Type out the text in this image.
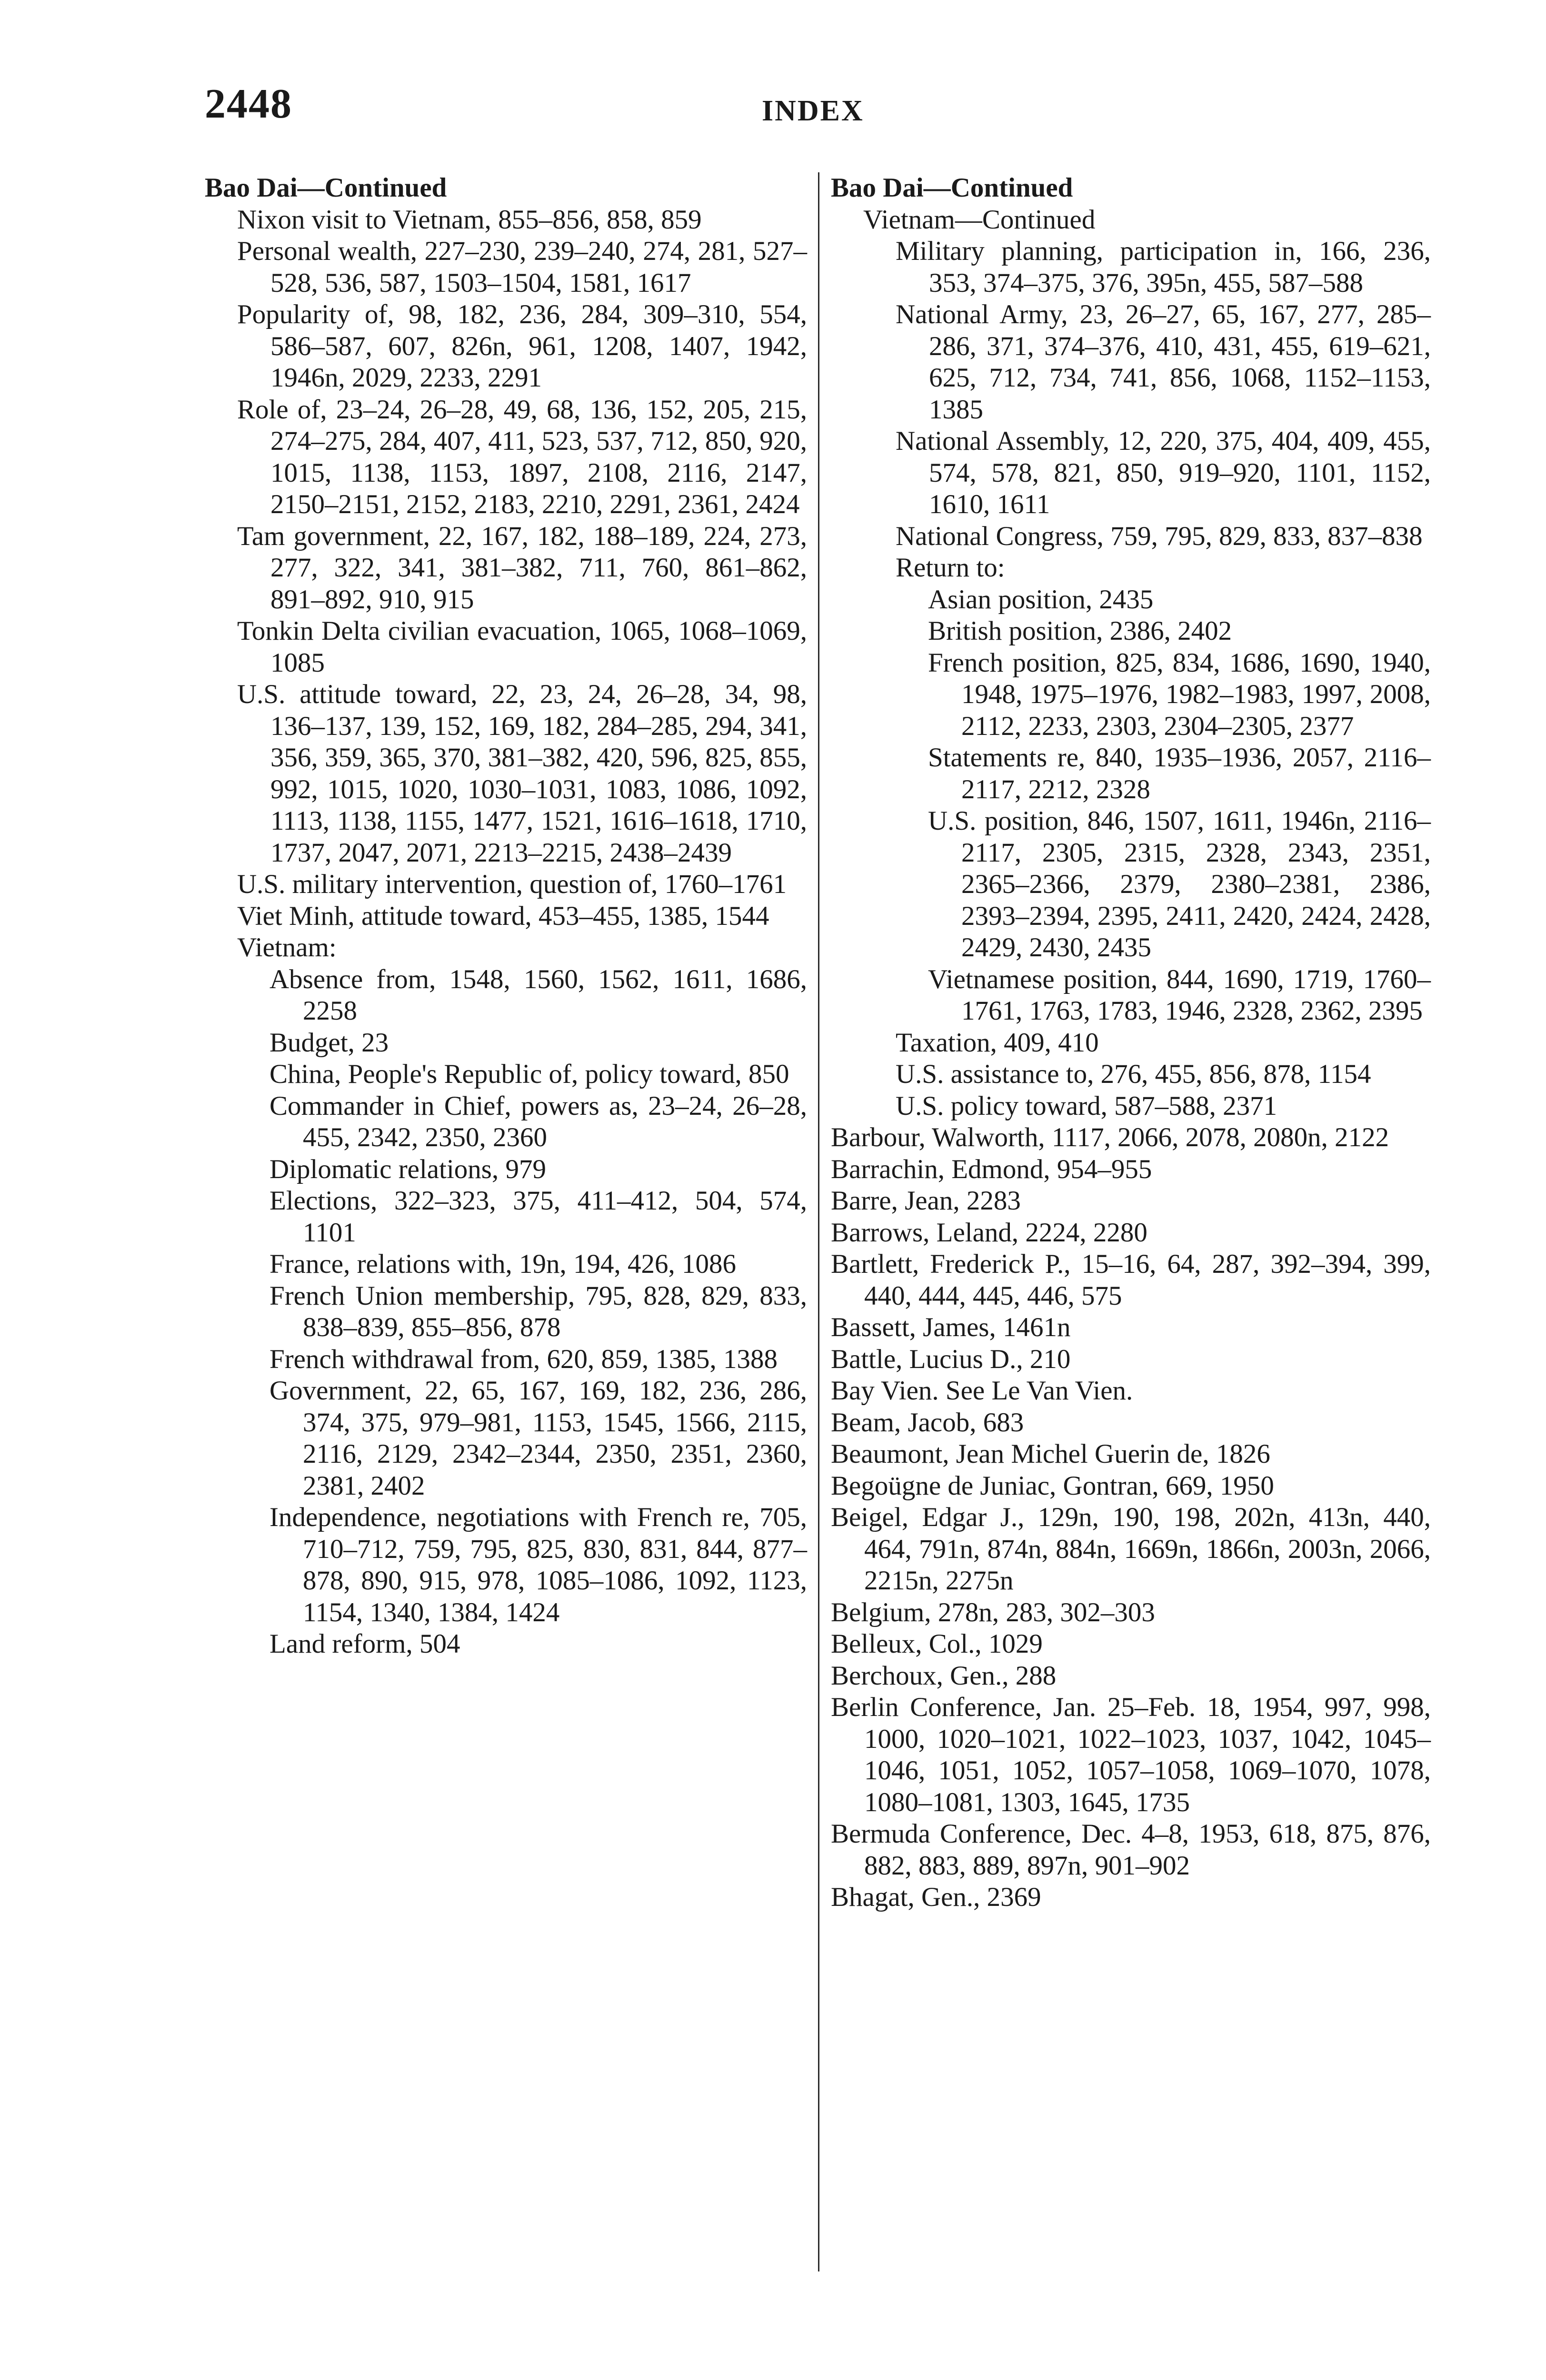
2448	INDEX

Bao Dai—Continued

Nixon visit to Vietnam, 855–856, 858, 859

Personal wealth, 227–230, 239–240, 274, 281, 527–528, 536, 587, 1503–1504, 1581, 1617

Popularity of, 98, 182, 236, 284, 309–310, 554, 586–587, 607, 826n, 961, 1208, 1407, 1942, 1946n, 2029, 2233, 2291

Role of, 23–24, 26–28, 49, 68, 136, 152, 205, 215, 274–275, 284, 407, 411, 523, 537, 712, 850, 920, 1015, 1138, 1153, 1897, 2108, 2116, 2147, 2150–2151, 2152, 2183, 2210, 2291, 2361, 2424

Tam government, 22, 167, 182, 188–189, 224, 273, 277, 322, 341, 381–382, 711, 760, 861–862, 891–892, 910, 915

Tonkin Delta civilian evacuation, 1065, 1068–1069, 1085

U.S. attitude toward, 22, 23, 24, 26–28, 34, 98, 136–137, 139, 152, 169, 182, 284–285, 294, 341, 356, 359, 365, 370, 381–382, 420, 596, 825, 855, 992, 1015, 1020, 1030–1031, 1083, 1086, 1092, 1113, 1138, 1155, 1477, 1521, 1616–1618, 1710, 1737, 2047, 2071, 2213–2215, 2438–2439

U.S. military intervention, question of, 1760–1761

Viet Minh, attitude toward, 453–455, 1385, 1544

Vietnam:

Absence from, 1548, 1560, 1562, 1611, 1686, 2258

Budget, 23

China, People's Republic of, policy toward, 850

Commander in Chief, powers as, 23–24, 26–28, 455, 2342, 2350, 2360

Diplomatic relations, 979

Elections, 322–323, 375, 411–412, 504, 574, 1101

France, relations with, 19n, 194, 426, 1086

French Union membership, 795, 828, 829, 833, 838–839, 855–856, 878

French withdrawal from, 620, 859, 1385, 1388

Government, 22, 65, 167, 169, 182, 236, 286, 374, 375, 979–981, 1153, 1545, 1566, 2115, 2116, 2129, 2342–2344, 2350, 2351, 2360, 2381, 2402

Independence, negotiations with French re, 705, 710–712, 759, 795, 825, 830, 831, 844, 877–878, 890, 915, 978, 1085–1086, 1092, 1123, 1154, 1340, 1384, 1424

Land reform, 504

Bao Dai—Continued

Vietnam—Continued

Military planning, participation in, 166, 236, 353, 374–375, 376, 395n, 455, 587–588

National Army, 23, 26–27, 65, 167, 277, 285–286, 371, 374–376, 410, 431, 455, 619–621, 625, 712, 734, 741, 856, 1068, 1152–1153, 1385

National Assembly, 12, 220, 375, 404, 409, 455, 574, 578, 821, 850, 919–920, 1101, 1152, 1610, 1611

National Congress, 759, 795, 829, 833, 837–838

Return to:

Asian position, 2435

British position, 2386, 2402

French position, 825, 834, 1686, 1690, 1940, 1948, 1975–1976, 1982–1983, 1997, 2008, 2112, 2233, 2303, 2304–2305, 2377

Statements re, 840, 1935–1936, 2057, 2116–2117, 2212, 2328

U.S. position, 846, 1507, 1611, 1946n, 2116–2117, 2305, 2315, 2328, 2343, 2351, 2365–2366, 2379, 2380–2381, 2386, 2393–2394, 2395, 2411, 2420, 2424, 2428, 2429, 2430, 2435

Vietnamese position, 844, 1690, 1719, 1760–1761, 1763, 1783, 1946, 2328, 2362, 2395

Taxation, 409, 410

U.S. assistance to, 276, 455, 856, 878, 1154

U.S. policy toward, 587–588, 2371

Barbour, Walworth, 1117, 2066, 2078, 2080n, 2122

Barrachin, Edmond, 954–955

Barre, Jean, 2283

Barrows, Leland, 2224, 2280

Bartlett, Frederick P., 15–16, 64, 287, 392–394, 399, 440, 444, 445, 446, 575

Bassett, James, 1461n

Battle, Lucius D., 210

Bay Vien. See Le Van Vien.

Beam, Jacob, 683

Beaumont, Jean Michel Guerin de, 1826

Begoügne de Juniac, Gontran, 669, 1950

Beigel, Edgar J., 129n, 190, 198, 202n, 413n, 440, 464, 791n, 874n, 884n, 1669n, 1866n, 2003n, 2066, 2215n, 2275n

Belgium, 278n, 283, 302–303

Belleux, Col., 1029

Berchoux, Gen., 288

Berlin Conference, Jan. 25–Feb. 18, 1954, 997, 998, 1000, 1020–1021, 1022–1023, 1037, 1042, 1045–1046, 1051, 1052, 1057–1058, 1069–1070, 1078, 1080–1081, 1303, 1645, 1735

Bermuda Conference, Dec. 4–8, 1953, 618, 875, 876, 882, 883, 889, 897n, 901–902

Bhagat, Gen., 2369
